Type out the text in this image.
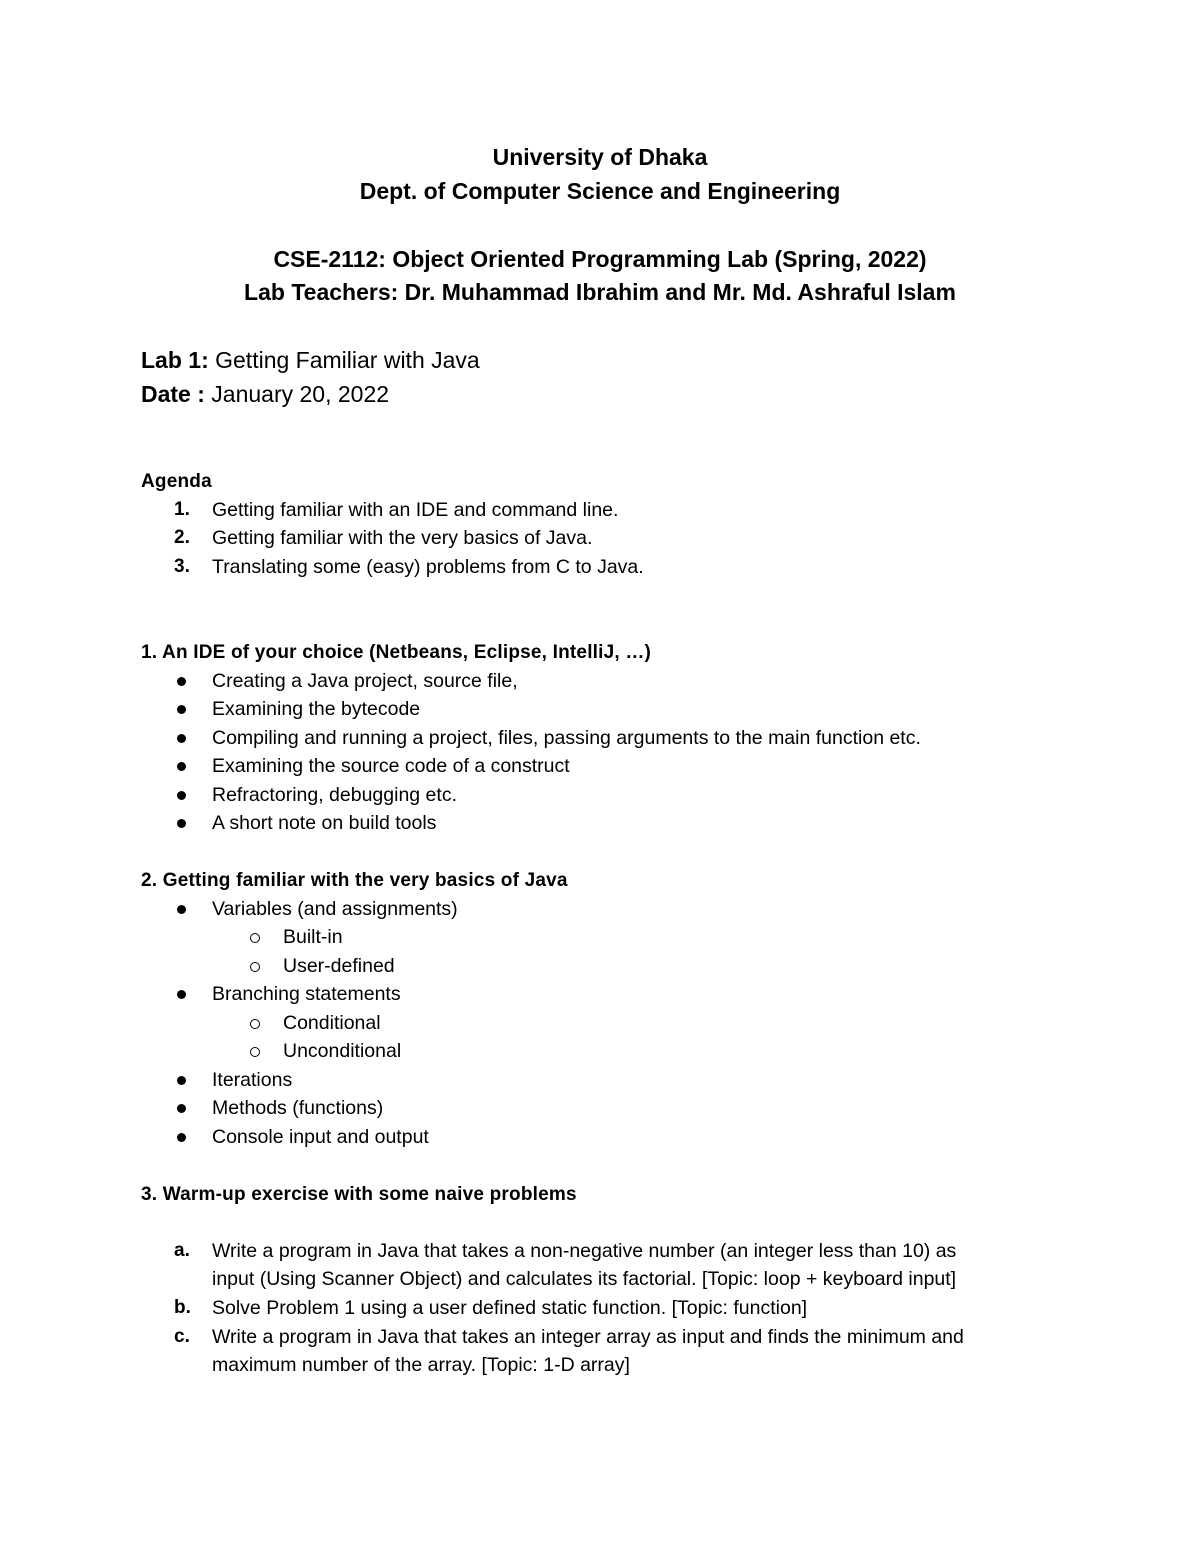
University of Dhaka
Dept. of Computer Science and Engineering
CSE-2112: Object Oriented Programming Lab (Spring, 2022)
Lab Teachers: Dr. Muhammad Ibrahim and Mr. Md. Ashraful Islam
Lab 1: Getting Familiar with Java
Date : January 20, 2022
Agenda
1. Getting familiar with an IDE and command line.
2. Getting familiar with the very basics of Java.
3. Translating some (easy) problems from C to Java.
1. An IDE of your choice (Netbeans, Eclipse, IntelliJ, …)
Creating a Java project, source file,
Examining the bytecode
Compiling and running a project, files, passing arguments to the main function etc.
Examining the source code of a construct
Refractoring, debugging etc.
A short note on build tools
2. Getting familiar with the very basics of Java
Variables (and assignments)
Built-in
User-defined
Branching statements
Conditional
Unconditional
Iterations
Methods (functions)
Console input and output
3. Warm-up exercise with some naive problems
a. Write a program in Java that takes a non-negative number (an integer less than 10) as
input (Using Scanner Object) and calculates its factorial. [Topic: loop + keyboard input]
b. Solve Problem 1 using a user defined static function. [Topic: function]
c. Write a program in Java that takes an integer array as input and finds the minimum and
maximum number of the array. [Topic: 1-D array]
